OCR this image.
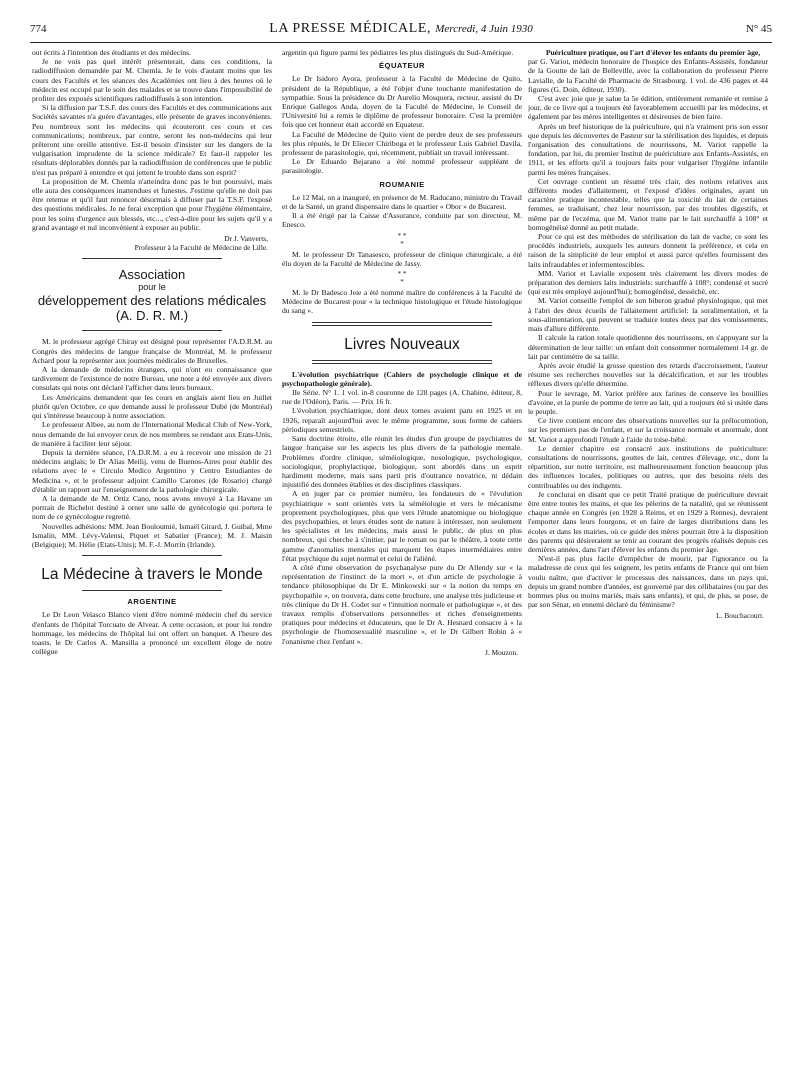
774	LA PRESSE MÉDICALE, Mercredi, 4 Juin 1930	N° 45

out écrits à l'intention des étudiants et des médecins.

Je ne vois pas quel intérêt présenterait, dans ces conditions, la radiodiffusion demandée par M. Chemla. Je le vois d'autant moins que les cours des Facultés et les séances des Académies ont lieu à des heures où le médecin est occupé par le soin des malades et se trouve dans l'impossibilité de profiter des exposés scientifiques radiodiffusés à son intention.

Si la diffusion par T.S.F. des cours des Facultés et des communications aux Sociétés savantes n'a guère d'avantages, elle présente de graves inconvénients. Peu nombreux sont les médecins qui écouteront ces cours et ces communications; nombreux, par contre, seront les non-médecins qui leur prêteront une oreille attentive. Est-il besoin d'insister sur les dangers de la vulgarisation imprudente de la science médicale? Et faut-il rappeler les résultats déplorables donnés par la radiodiffusion de conférences que le public n'est pas préparé à entendre et qui jettent le trouble dans son esprit?

La proposition de M. Chemla n'atteindra donc pas le but poursuivi, mais elle aura des conséquences inattendues et funestes. J'estime qu'elle ne doit pas être retenue et qu'il faut renoncer désormais à diffuser par la T.S.F. l'exposé des questions médicales. Je ne ferai exception que pour l'hygiène élémentaire, pour les soins d'urgence aux blessés, etc..., c'est-à-dire pour les sujets qu'il y a grand avantage et nul inconvénient à exposer au public.

Dr J. Vanverts,
Professeur à la Faculté de Médecine de Lille.
Association
pour le
développement des relations médicales
(A. D. R. M.)

M. le professeur agrégé Chiray est désigné pour représenter l'A.D.R.M. au Congrès des médecins de langue française de Montréal, M. le professeur Achard pour la représenter aux journées médicales de Bruxelles.

A la demande de médecins étrangers, qui n'ont eu connaissance que tardivement de l'existence de notre Bureau, une note a été envoyée aux divers consulats qui nous ont déclaré l'afficher dans leurs bureaux.

Les Américains demandent que les cours en anglais aient lieu en Juillet plutôt qu'en Octobre, ce que demande aussi le professeur Dubé (de Montréal) qui s'intéresse beaucoup à notre association.

Le professeur Albee, au nom de l'International Medical Club of New-York, nous demande de lui envoyer ceux de nos membres se rendant aux Etats-Unis, de manière à faciliter leur séjour.

Depuis la dernière séance, l'A.D.R.M. a eu à recevoir une mission de 21 médecins anglais; le Dr Alias Meilij, venu de Buenos-Aires pour établir des relations avec le « Circulo Medico Argentino y Centro Estudiantes de Medicina », et le professeur adjoint Camillo Carones (de Rosario) chargé d'établir un rapport sur l'enseignement de la pathologie chirurgicale.

A la demande de M. Ortiz Cano, nous avons envoyé à La Havane un portrait de Richelot destiné à orner une salle de gynécologie qui portera le nom de ce gynécologue regretté.

Nouvelles adhésions: MM. Jean Bouloumié, Ismaël Girard, J. Guibal, Mme Ismalin, MM. Lévy-Valensi, Piquet et Sabatier (France); M. J. Maisin (Belgique); M. Hélie (Etats-Unis); M. F.-J. Morrin (Irlande).

La Médecine à travers le Monde
ARGENTINE

Le Dr Leon Velasco Blanco vient d'être nommé médecin chef du service d'enfants de l'hôpital Torcuato de Alvear. A cette occasion, et pour lui rendre hommage, les médecins de l'hôpital lui ont offert un banquet. A l'heure des toasts, le Dr Carlos A. Mansilla a prononcé un excellent éloge de notre collègue

argentin qui figure parmi les pédiatres les plus distingués du Sud-Amérique.

ÉQUATEUR

Le Dr Isidoro Ayora, professeur à la Faculté de Médecine de Quito, président de la République, a été l'objet d'une touchante manifestation de sympathie. Sous la présidence du Dr Aurelio Mosquera, recteur, assisté du Dr Enrique Gallegos Anda, doyen de la Faculté de Médecine, le Conseil de l'Université lui a remis le diplôme de professeur honoraire. C'est la première fois que cet honneur était accordé en Equateur.

La Faculté de Médecine de Quito vient de perdre deux de ses professeurs les plus réputés, le Dr Eliecer Chiriboga et le professeur Luis Gabriel Davila, professeur de parasitologie, qui, récemment, publiait un travail intéressant.

Le Dr Eduardo Bejarano a été nommé professeur suppléant de parasitologie.

ROUMANIE

Le 12 Mai, on a inauguré, en présence de M. Raducano, ministre du Travail et de la Santé, un grand dispensaire dans le quartier « Obor » de Bucarest.

Il a été érigé par la Caisse d'Assurance, conduite par son directeur, M. Enesco.

* *
*

M. le professeur Dr Tanasesco, professeur de clinique chirurgicale, a été élu doyen de la Faculté de Médecine de Jassy.

* *
*

M. le Dr Badesco Jeie a été nommé maître de conférences à la Faculté de Médecine de Bucarest pour « la technique histologique et l'étude histologique du sang ».

Livres Nouveaux

L'évolution psychiatrique (Cahiers de psychologie clinique et de psychopathologie générale).

IIe Série. N° 1. 1 vol. in-8 couronne de 128 pages (A. Chahine, éditeur, 8, rue de l'Odéon), Paris. — Prix 16 fr.

L'évolution psychiatrique, dont deux tomes avaient paru en 1925 et en 1926, reparaît aujourd'hui avec le même programme, sous forme de cahiers périodiques semestriels.

Sans doctrine étroite, elle réunit les études d'un groupe de psychiatres de langue française sur les aspects les plus divers de la pathologie mentale. Problèmes d'ordre clinique, séméiologique, nosologique, psychologique, sociologique, prophylactique, biologique, sont abordés dans un esprit hardiment moderne, mais sans parti pris d'outrance novatrice, ni dédain injustifié des données établies et des disciplines classiques.

A en juger par ce premier numéro, les fondateurs de « l'évolution psychiatrique » sont orientés vers la séméiologie et vers le mécanisme proprement psychologiques, plus que vers l'étude anatomique ou biologique des psychopathies, et leurs études sont de nature à intéresser, non seulement les spécialistes et les médecins, mais aussi le public, de plus en plus nombreux, qui cherche à s'initier, par le roman ou par le théâtre, à toute cette gamme d'anomalies mentales qui marquent les étapes intermédiaires entre l'état psychique du sujet normal et celui de l'aliéné.

A côté d'une observation de psychanalyse pure du Dr Allendy sur « la représentation de l'instinct de la mort », et d'un article de psychologie à tendance philosophique du Dr E. Minkowski sur « la notion du temps en psychopathie », on trouvera, dans cette brochure, une analyse très judicieuse et très clinique du Dr H. Codet sur « l'intuition normale et pathologique », et des travaux remplis d'observations personnelles et riches d'enseignements pratiques pour médecins et éducateurs, que le Dr A. Hesnard consacre à « la psychologie de l'homosexualité masculine », et le Dr Gilbert Robin à « l'onanisme chez l'enfant ».

J. Mouzon.

Puériculture pratique, ou l'art d'élever les enfants du premier âge,

par G. Variot, médecin honoraire de l'hospice des Enfants-Assistés, fondateur de la Goutte de lait de Belleville, avec la collaboration du professeur Pierre Lavialle, de la Faculté de Pharmacie de Strasbourg. 1 vol. de 436 pages et 44 figures (G. Doin, éditeur, 1930).

C'est avec joie que je salue la 5e édition, entièrement remaniée et remise à jour, de ce livre qui a toujours été favorablement accueilli par les médecins, et également par les mères intelligentes et désireuses de bien faire.

Après un bref historique de la puériculture, qui n'a vraiment pris son essor que depuis les découvertes de Pasteur sur la stérilisation des liquides, et depuis l'organisation des consultations de nourrissons, M. Variot rappelle la fondation, par lui, du premier Institut de puériculture aux Enfants-Assistés, en 1911, et les efforts qu'il a toujours faits pour vulgariser l'hygiène infantile parmi les mères françaises.

Cet ouvrage contient un résumé très clair, des notions relatives aux différents modes d'allaitement, et l'exposé d'idées originales, ayant un caractère pratique incontestable, telles que la toxicité du lait de certaines femmes, se traduisant, chez leur nourrisson, par des troubles digestifs, et même par de l'eczéma, que M. Variot traite par le lait surchauffé à 108° et homogénéisé donné au petit malade.

Pour ce qui est des méthodes de stérilisation du lait de vache, ce sont les procédés industriels, auxquels les auteurs donnent la préférence, et cela en raison de la simplicité de leur emploi et aussi parce qu'elles fournissent des laits infraudables et infermentescibles.

MM. Variot et Lavialle exposent très clairement les divers modes de préparation des derniers laits industriels: surchauffé à 108°; condensé et sucré (qui est très employé aujourd'hui); homogénéisé, desséché, etc.

M. Variot conseille l'emploi de son biberon gradué physiologique, qui met à l'abri des deux écueils de l'allaitement artificiel: la suralimentation, et la sous-alimentation, qui peuvent se traduire toutes deux par des vomissements, mais d'allure différente.

Il calcule la ration totale quotidienne des nourrissons, en s'appuyant sur la détermination de leur taille: un enfant doit consommer normalement 14 gr. de lait par centimètre de sa taille.

Après avoir étudié la grosse question des retards d'accroissement, l'auteur résume ses recherches nouvelles sur la décalcification, et sur les troubles réflexes divers qu'elle détermine.

Pour le sevrage, M. Variot préfère aux farines de conserve les bouillies d'avoine, et la purée de pomme de terre au lait, qui a toujours été si usitée dans le peuple.

Ce livre contient encore des observations nouvelles sur la prélocomotion, sur les premiers pas de l'enfant, et sur la croissance normale et anormale, dont M. Variot a approfondi l'étude à l'aide du toise-bébé.

Le dernier chapitre est consacré aux institutions de puériculture: consultations de nourrissons, gouttes de lait, centres d'élevage, etc., dont la répartition, sur notre territoire, est malheureusement fonction beaucoup plus des influences locales, politiques ou autres, que des besoins réels des contribuables ou des indigents.

Je conclurai en disant que ce petit Traité pratique de puériculture devrait être entre toutes les mains, et que les pèlerins de la natalité, qui se réunissent chaque année en Congrès (en 1928 à Reims, et en 1929 à Rennes), devraient l'emporter dans leurs fourgons, et en faire de larges distributions dans les écoles et dans les mairies, où ce guide des mères pourrait être à la disposition des parents qui désireraient se tenir au courant des progrès réalisés depuis ces dernières années, dans l'art d'élever les enfants du premier âge.

N'est-il pas plus facile d'empêcher de mourir, par l'ignorance ou la maladresse de ceux qui les soignent, les petits enfants de France qui ont bien voulu naître, que d'activer le processus des naissances, dans un pays qui, depuis un grand nombre d'années, est gouverné par des célibataires (ou par des hommes plus ou moins mariés, mais sans enfants), et qui, de plus, se pose, de par son Sénat, en ennemi déclaré du féminisme?

L. Bouchacourt.
